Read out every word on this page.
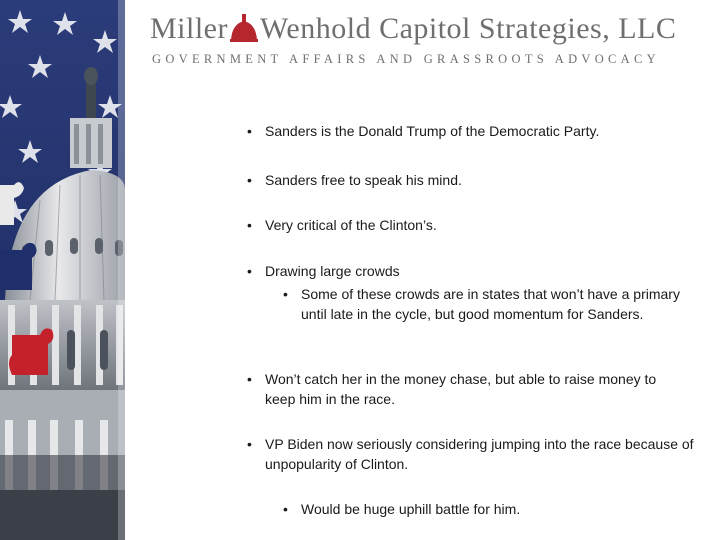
Miller Wenhold Capitol Strategies, LLC
GOVERNMENT AFFAIRS AND GRASSROOTS ADVOCACY
• Sanders is the Donald Trump of the Democratic Party.
• Sanders free to speak his mind.
• Very critical of the Clinton’s.
• Drawing large crowds
• Some of these crowds are in states that won’t have a primary until late in the cycle, but good momentum for Sanders.
• Won’t catch her in the money chase, but able to raise money to keep him in the race.
• VP Biden now seriously considering jumping into the race because of unpopularity of Clinton.
• Would be huge uphill battle for him.
